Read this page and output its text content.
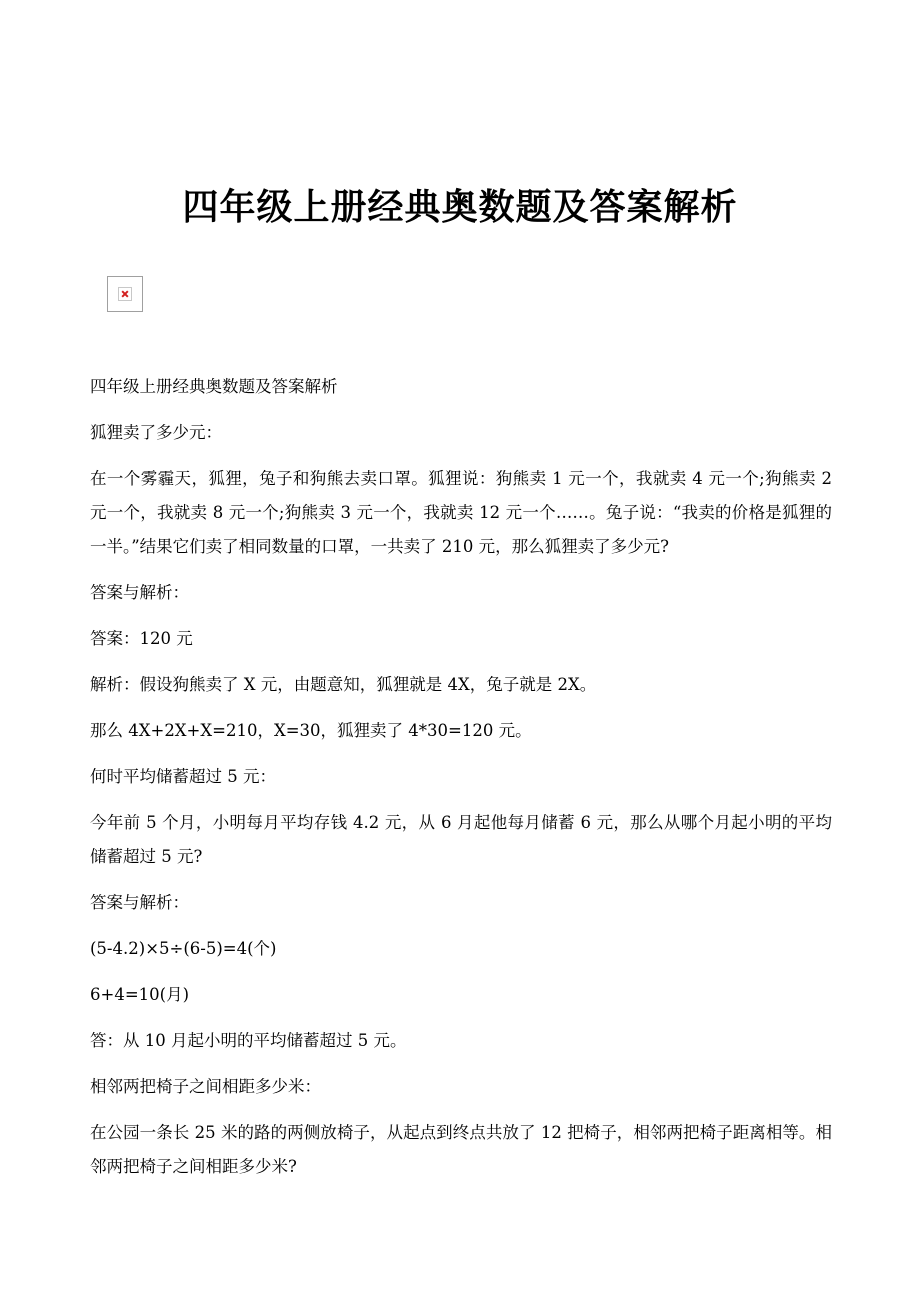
四年级上册经典奥数题及答案解析

四年级上册经典奥数题及答案解析

狐狸卖了多少元：

在一个雾霾天，狐狸，兔子和狗熊去卖口罩。狐狸说：狗熊卖 1 元一个，我就卖 4 元一个;狗熊卖 2 元一个，我就卖 8 元一个;狗熊卖 3 元一个，我就卖 12 元一个……。兔子说：“我卖的价格是狐狸的一半。”结果它们卖了相同数量的口罩，一共卖了 210 元，那么狐狸卖了多少元?

答案与解析：

答案：120 元

解析：假设狗熊卖了 X 元，由题意知，狐狸就是 4X，兔子就是 2X。

那么 4X+2X+X=210，X=30，狐狸卖了 4*30=120 元。

何时平均储蓄超过 5 元：

今年前 5 个月，小明每月平均存钱 4.2 元，从 6 月起他每月储蓄 6 元，那么从哪个月起小明的平均储蓄超过 5 元?

答案与解析：

(5-4.2)×5÷(6-5)=4(个)

6+4=10(月)

答：从 10 月起小明的平均储蓄超过 5 元。

相邻两把椅子之间相距多少米：

在公园一条长 25 米的路的两侧放椅子，从起点到终点共放了 12 把椅子，相邻两把椅子距离相等。相邻两把椅子之间相距多少米?
